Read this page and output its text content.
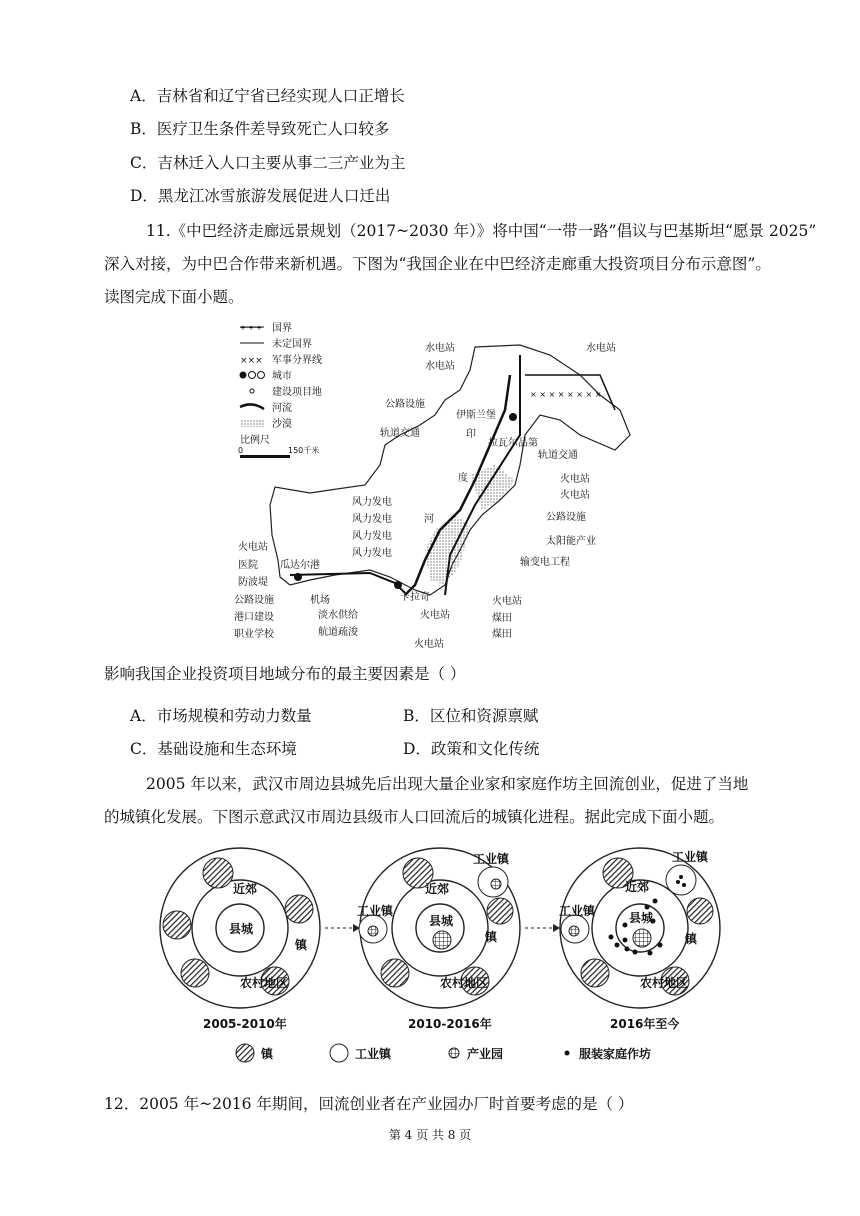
A．吉林省和辽宁省已经实现人口正增长
B．医疗卫生条件差导致死亡人口较多
C．吉林迁入人口主要从事二三产业为主
D．黑龙江冰雪旅游发展促进人口迁出
11.《中巴经济走廊远景规划（2017~2030 年）》将中国“一带一路”倡议与巴基斯坦“愿景 2025”
深入对接，为中巴合作带来新机遇。下图为“我国企业在中巴经济走廊重大投资项目分布示意图”。
读图完成下面小题。
+·+·+ 国界
未定国界
××× 军事分界线
城市
建设项目地
河流
沙漠
比例尺
0	150千米
× × × × × × × ×
水电站
水电站
水电站
公路设施
伊斯兰堡
轨道交通	印
拉瓦尔品第
轨道交通
度	火电站
火电站
风力发电
风力发电	河	公路设施
风力发电	太阳能产业
风力发电
输变电工程
火电站
医院 瓜达尔港
防波堤
公路设施
港口建设
职业学校
机场
淡水供给
航道疏浚
卡拉奇	火电站
煤田
煤田
火电站
火电站
影响我国企业投资项目地域分布的最主要因素是（ ）
A．市场规模和劳动力数量	B．区位和资源禀赋
C．基础设施和生态环境	D．政策和文化传统
2005 年以来，武汉市周边县城先后出现大量企业家和家庭作坊主回流创业，促进了当地
的城镇化发展。下图示意武汉市周边县级市人口回流后的城镇化进程。据此完成下面小题。
近郊
县城
镇
农村地区
2005-2010年
工业镇
近郊
工业镇
县城
镇
农村地区
2010-2016年
工业镇
近郊
工业镇	县城
镇
农村地区
2016年至今
镇	工业镇	产业园	服装家庭作坊
12．2005 年~2016 年期间，回流创业者在产业园办厂时首要考虑的是（ ）
第 4 页 共 8 页
